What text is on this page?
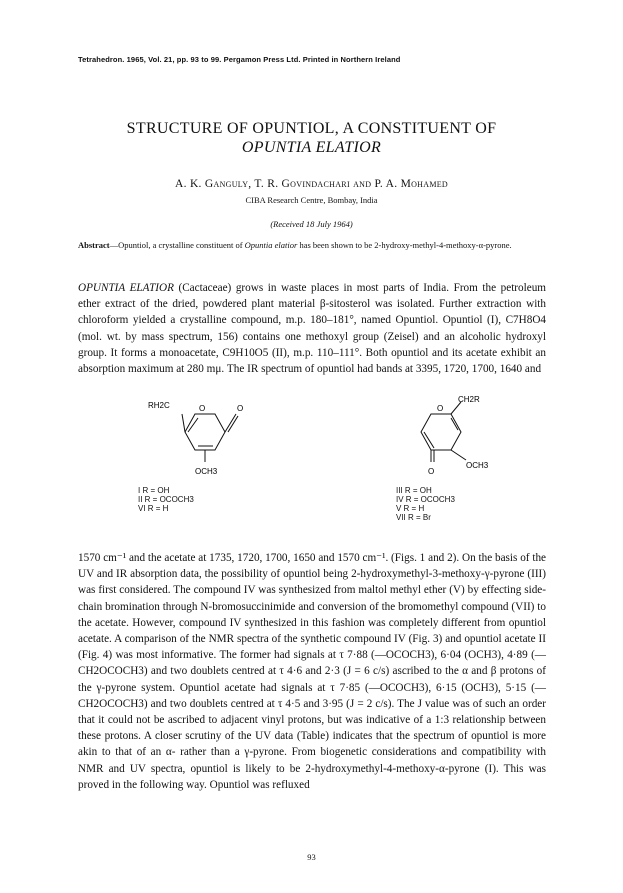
Tetrahedron. 1965, Vol. 21, pp. 93 to 99. Pergamon Press Ltd. Printed in Northern Ireland
STRUCTURE OF OPUNTIOL, A CONSTITUENT OF
OPUNTIA ELATIOR
A. K. Ganguly, T. R. Govindachari and P. A. Mohamed
CIBA Research Centre, Bombay, India
(Received 18 July 1964)
Abstract—Opuntiol, a crystalline constituent of Opuntia elatior has been shown to be 2-hydroxy-methyl-4-methoxy-α-pyrone.
OPUNTIA ELATIOR (Cactaceae) grows in waste places in most parts of India. From the petroleum ether extract of the dried, powdered plant material β-sitosterol was isolated. Further extraction with chloroform yielded a crystalline compound, m.p. 180–181°, named Opuntiol. Opuntiol (I), C7H8O4 (mol. wt. by mass spectrum, 156) contains one methoxyl group (Zeisel) and an alcoholic hydroxyl group. It forms a monoacetate, C9H10O5 (II), m.p. 110–111°. Both opuntiol and its acetate exhibit an absorption maximum at 280 mμ. The IR spectrum of opuntiol had bands at 3395, 1720, 1700, 1640 and
RH2C	O	O
OCH3
I R = OH
II R = OCOCH3
VI R = H
O
CH2R
OCH3
O
III R = OH
IV R = OCOCH3
V R = H
VII R = Br
1570 cm⁻¹ and the acetate at 1735, 1720, 1700, 1650 and 1570 cm⁻¹. (Figs. 1 and 2). On the basis of the UV and IR absorption data, the possibility of opuntiol being 2-hydroxymethyl-3-methoxy-γ-pyrone (III) was first considered. The compound IV was synthesized from maltol methyl ether (V) by effecting side-chain bromination through N-bromosuccinimide and conversion of the bromomethyl compound (VII) to the acetate. However, compound IV synthesized in this fashion was completely different from opuntiol acetate. A comparison of the NMR spectra of the synthetic compound IV (Fig. 3) and opuntiol acetate II (Fig. 4) was most informative. The former had signals at τ 7·88 (—OCOCH3), 6·04 (OCH3), 4·89 (—CH2OCOCH3) and two doublets centred at τ 4·6 and 2·3 (J = 6 c/s) ascribed to the α and β protons of the γ-pyrone system. Opuntiol acetate had signals at τ 7·85 (—OCOCH3), 6·15 (OCH3), 5·15 (—CH2OCOCH3) and two doublets centred at τ 4·5 and 3·95 (J = 2 c/s). The J value was of such an order that it could not be ascribed to adjacent vinyl protons, but was indicative of a 1:3 relationship between these protons. A closer scrutiny of the UV data (Table) indicates that the spectrum of opuntiol is more akin to that of an α- rather than a γ-pyrone. From biogenetic considerations and compatibility with NMR and UV spectra, opuntiol is likely to be 2-hydroxymethyl-4-methoxy-α-pyrone (I). This was proved in the following way. Opuntiol was refluxed
93
